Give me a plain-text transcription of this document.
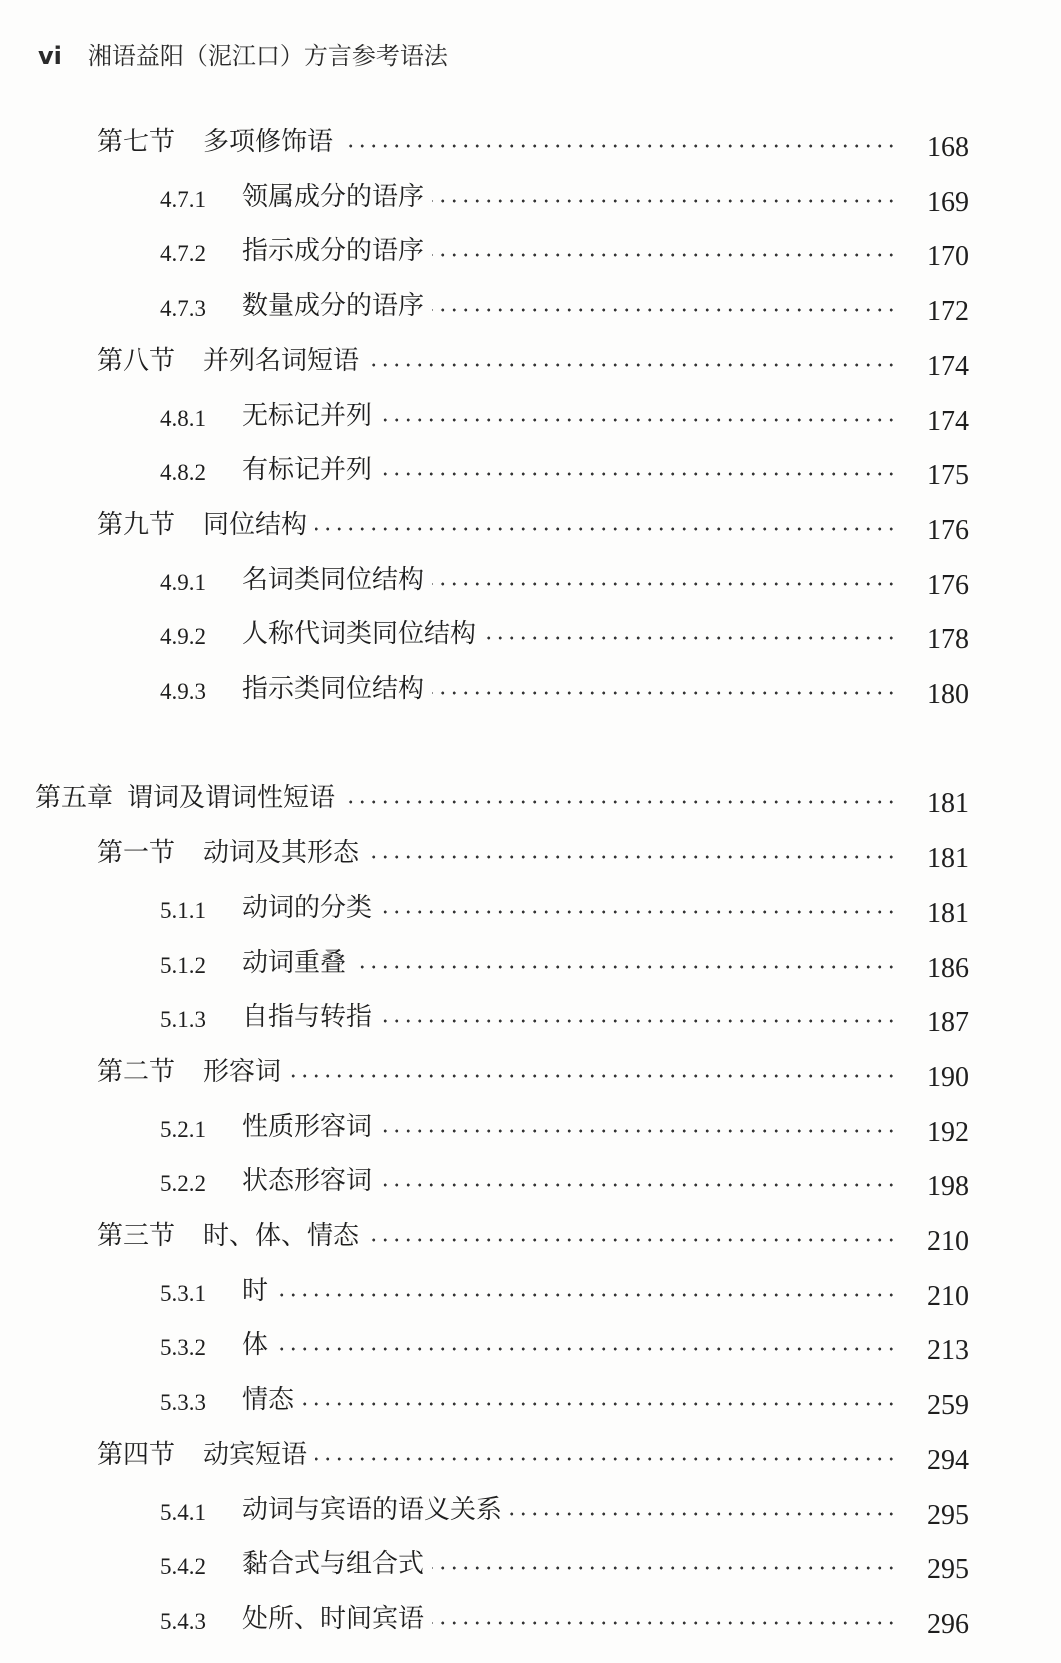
vi 湘语益阳（泥江口）方言参考语法
第七节 多项修饰语	168
4.7.1	领属成分的语序	169
4.7.2	指示成分的语序	170
4.7.3	数量成分的语序	172
第八节 并列名词短语	174
4.8.1	无标记并列	174
4.8.2	有标记并列	175
第九节 同位结构	176
4.9.1	名词类同位结构	176
4.9.2	人称代词类同位结构	178
4.9.3	指示类同位结构	180
第五章 谓词及谓词性短语	181
第一节 动词及其形态	181
5.1.1	动词的分类	181
5.1.2	动词重叠	186
5.1.3	自指与转指	187
第二节 形容词	190
5.2.1	性质形容词	192
5.2.2	状态形容词	198
第三节 时、体、情态	210
5.3.1	时	210
5.3.2	体	213
5.3.3	情态	259
第四节 动宾短语	294
5.4.1	动词与宾语的语义关系	295
5.4.2	黏合式与组合式	295
5.4.3	处所、时间宾语	296
